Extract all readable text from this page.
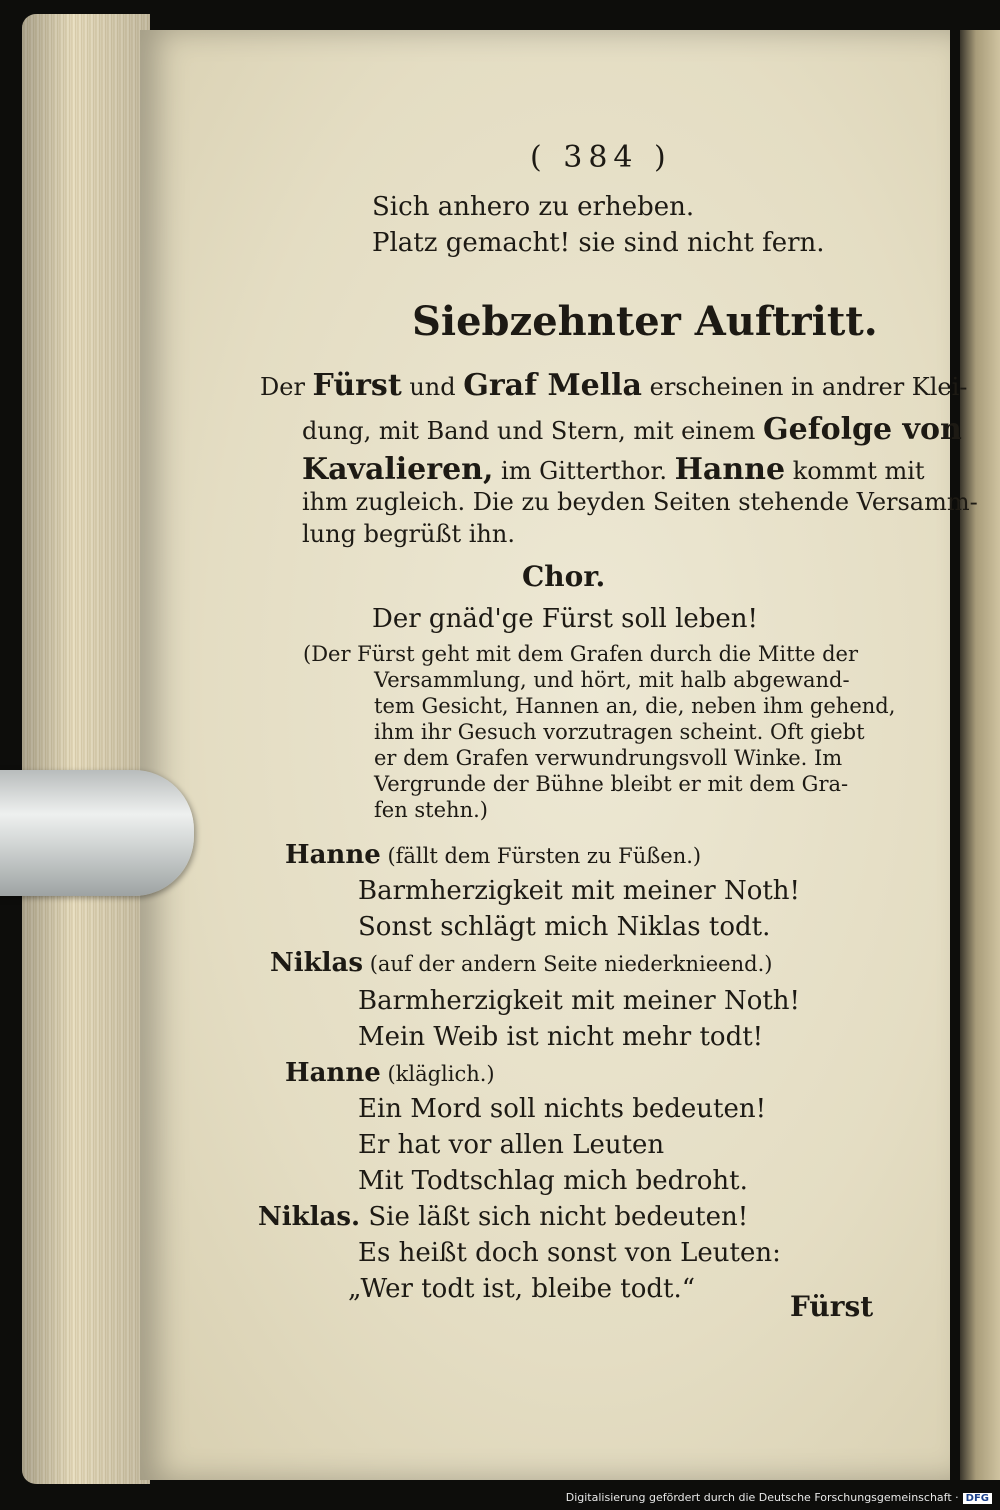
( 384 )
Sich anhero zu erheben.
Platz gemacht! sie sind nicht fern.
Siebzehnter Auftritt.
Der Fürst und Graf Mella erscheinen in andrer Klei-
dung, mit Band und Stern, mit einem Gefolge von
Kavalieren, im Gitterthor. Hanne kommt mit
ihm zugleich. Die zu beyden Seiten stehende Versamm-
lung begrüßt ihn.
Chor.
Der gnäd'ge Fürst soll leben!
(Der Fürst geht mit dem Grafen durch die Mitte der
Versammlung, und hört, mit halb abgewand-
tem Gesicht, Hannen an, die, neben ihm gehend,
ihm ihr Gesuch vorzutragen scheint. Oft giebt
er dem Grafen verwundrungsvoll Winke. Im
Vergrunde der Bühne bleibt er mit dem Gra-
fen stehn.)
Hanne (fällt dem Fürsten zu Füßen.)
Barmherzigkeit mit meiner Noth!
Sonst schlägt mich Niklas todt.
Niklas (auf der andern Seite niederknieend.)
Barmherzigkeit mit meiner Noth!
Mein Weib ist nicht mehr todt!
Hanne (kläglich.)
Ein Mord soll nichts bedeuten!
Er hat vor allen Leuten
Mit Todtschlag mich bedroht.
Niklas. Sie läßt sich nicht bedeuten!
Es heißt doch sonst von Leuten:
„Wer todt ist, bleibe todt.“
Fürst
Digitalisierung gefördert durch die Deutsche Forschungsgemeinschaft · DFG
